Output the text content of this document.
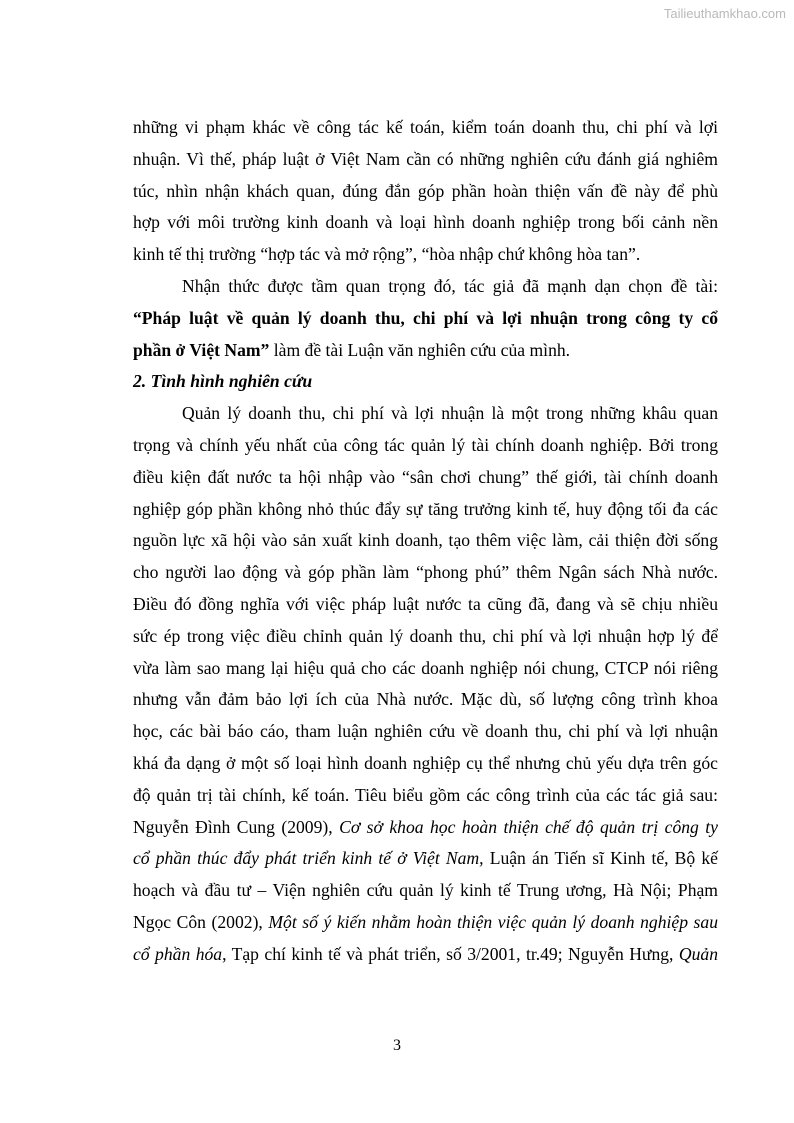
Tailieuthamkhao.com
những vi phạm khác về công tác kế toán, kiểm toán doanh thu, chi phí và lợi
nhuận. Vì thế, pháp luật ở Việt Nam cần có những nghiên cứu đánh giá nghiêm
túc, nhìn nhận khách quan, đúng đắn góp phần hoàn thiện vấn đề này để phù
hợp với môi trường kinh doanh và loại hình doanh nghiệp trong bối cảnh nền
kinh tế thị trường “hợp tác và mở rộng”, “hòa nhập chứ không hòa tan”.
Nhận thức được tầm quan trọng đó, tác giả đã mạnh dạn chọn đề tài:
“Pháp luật về quản lý doanh thu, chi phí và lợi nhuận trong công ty cổ
phần ở Việt Nam” làm đề tài Luận văn nghiên cứu của mình.
2. Tình hình nghiên cứu
Quản lý doanh thu, chi phí và lợi nhuận là một trong những khâu quan
trọng và chính yếu nhất của công tác quản lý tài chính doanh nghiệp. Bởi trong
điều kiện đất nước ta hội nhập vào “sân chơi chung” thế giới, tài chính doanh
nghiệp góp phần không nhỏ thúc đẩy sự tăng trưởng kinh tế, huy động tối đa các
nguồn lực xã hội vào sản xuất kinh doanh, tạo thêm việc làm, cải thiện đời sống
cho người lao động và góp phần làm “phong phú” thêm Ngân sách Nhà nước.
Điều đó đồng nghĩa với việc pháp luật nước ta cũng đã, đang và sẽ chịu nhiều
sức ép trong việc điều chỉnh quản lý doanh thu, chi phí và lợi nhuận hợp lý để
vừa làm sao mang lại hiệu quả cho các doanh nghiệp nói chung, CTCP nói riêng
nhưng vẫn đảm bảo lợi ích của Nhà nước. Mặc dù, số lượng công trình khoa
học, các bài báo cáo, tham luận nghiên cứu về doanh thu, chi phí và lợi nhuận
khá đa dạng ở một số loại hình doanh nghiệp cụ thể nhưng chủ yếu dựa trên góc
độ quản trị tài chính, kế toán. Tiêu biểu gồm các công trình của các tác giả sau:
Nguyễn Đình Cung (2009), Cơ sở khoa học hoàn thiện chế độ quản trị công ty
cổ phần thúc đẩy phát triển kinh tế ở Việt Nam, Luận án Tiến sĩ Kinh tế, Bộ kế
hoạch và đầu tư – Viện nghiên cứu quản lý kinh tế Trung ương, Hà Nội; Phạm
Ngọc Côn (2002), Một số ý kiến nhằm hoàn thiện việc quản lý doanh nghiệp sau
cổ phần hóa, Tạp chí kinh tế và phát triển, số 3/2001, tr.49; Nguyễn Hưng, Quản
3
